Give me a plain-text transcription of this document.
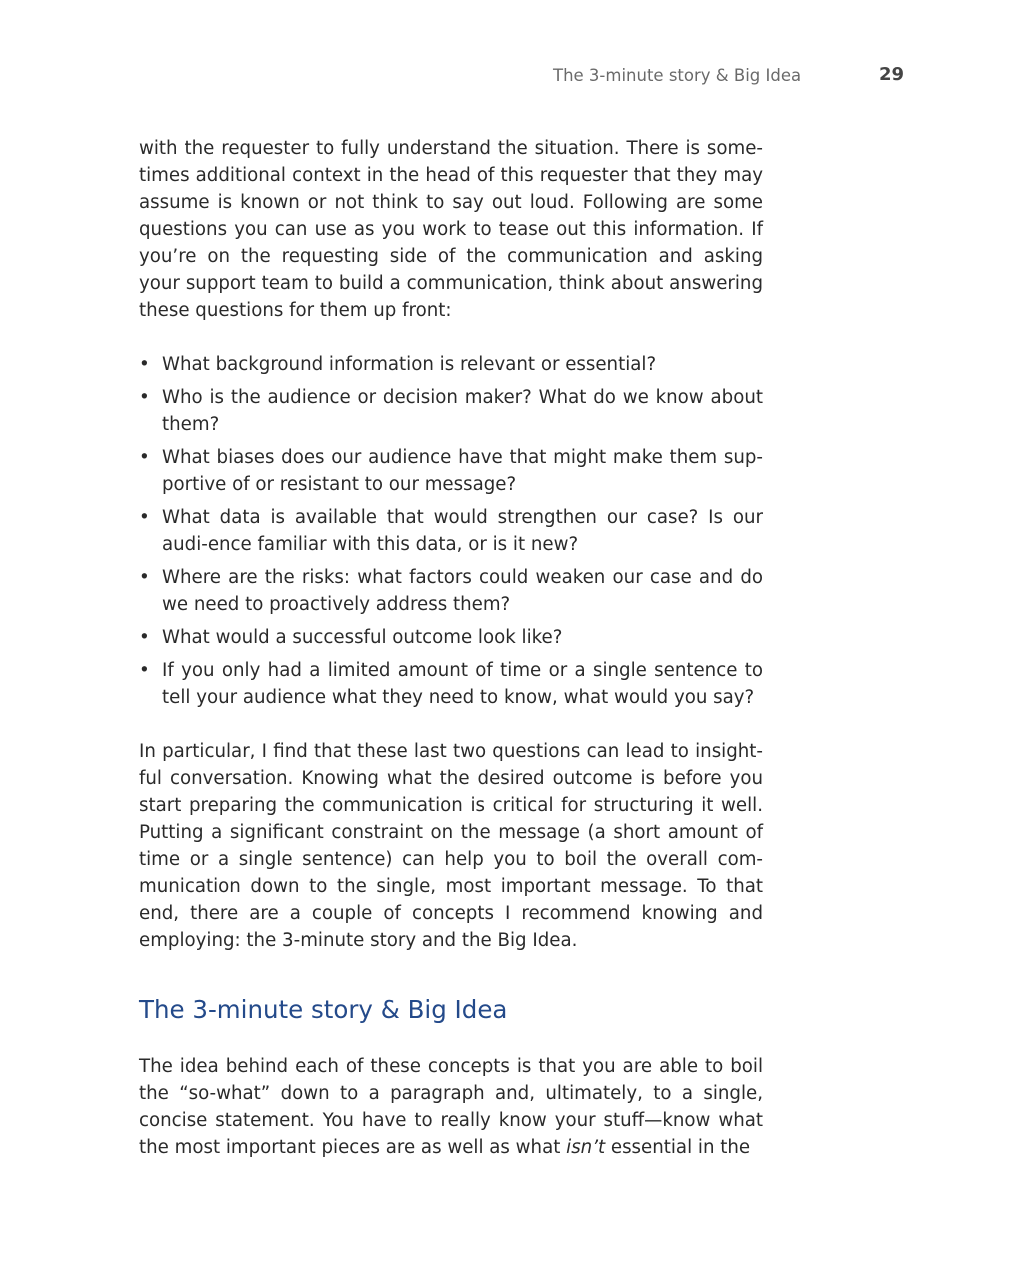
The 3-minute story & Big Idea	29

with the requester to fully understand the situation. There is some-times additional context in the head of this requester that they may assume is known or not think to say out loud. Following are some questions you can use as you work to tease out this information. If you’re on the requesting side of the communication and asking your support team to build a communication, think about answering these questions for them up front:

• What background information is relevant or essential?
• Who is the audience or decision maker? What do we know about them?
• What biases does our audience have that might make them sup-portive of or resistant to our message?
• What data is available that would strengthen our case? Is our audi-ence familiar with this data, or is it new?
• Where are the risks: what factors could weaken our case and do we need to proactively address them?
• What would a successful outcome look like?
• If you only had a limited amount of time or a single sentence to tell your audience what they need to know, what would you say?

In particular, I find that these last two questions can lead to insight-ful conversation. Knowing what the desired outcome is before you start preparing the communication is critical for structuring it well. Putting a significant constraint on the message (a short amount of time or a single sentence) can help you to boil the overall com-munication down to the single, most important message. To that end, there are a couple of concepts I recommend knowing and employing: the 3-minute story and the Big Idea.

The 3-minute story & Big Idea

The idea behind each of these concepts is that you are able to boil the “so-what” down to a paragraph and, ultimately, to a single, concise statement. You have to really know your stuff—know what the most important pieces are as well as what isn’t essential in the
